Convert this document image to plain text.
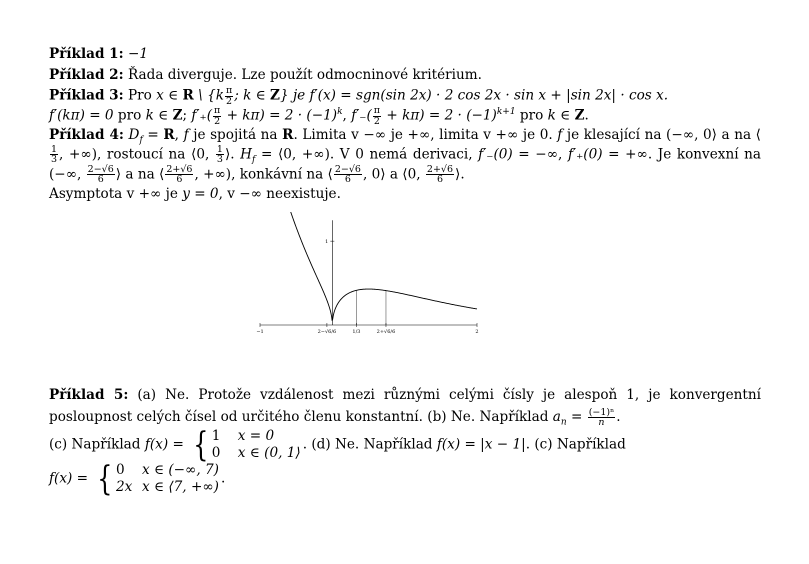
Příklad 1: −1
Příklad 2: Řada diverguje. Lze použít odmocninové kritérium.
Příklad 3: Pro x ∈ R \ {$k \frac{\pi}{2}$ ; k ∈ Z} je f′(x) = sgn(sin 2x) · 2 cos 2x · sin x + |sin 2x| · cos x.
f′(kπ) = 0 pro k ∈ Z; $f'_+( \frac{\pi}{2} + k\pi) = 2 \cdot (-1)^k$, $f'_-( \frac{\pi}{2} + k\pi) = 2 \cdot (-1)^{k+1}$ pro k ∈ Z.
Příklad 4: $D_f = R$, f je spojitá na R. Limita v −∞ je +∞, limita v +∞ je 0. f je klesající na (−∞, 0⟩ a na ⟨
$\frac{1}{3}$ , +∞), rostoucí na ⟨0, $\frac{1}{3}$ ⟩. $H_f$ = ⟨0, +∞). V 0 nemá derivaci, f′₋(0) = −∞, f′₊(0) = +∞. Je konvexní na (−∞, $\frac{2-√6}{6}$ ⟩ a na ⟨ $\frac{2+√6}{6}$ , +∞), konkávní na ⟨ $\frac{2-√6}{6}$ , 0⟩ a ⟨0, $\frac{2+√6}{6}$ ⟩.
Asymptota v +∞ je y = 0, v −∞ neexistuje.
−1	2−√6/6	1/3	2+√6/6	2
1
Příklad 5: (a) Ne. Protože vzdálenost mezi různými celými čísly je alespoň 1, je konvergentní posloupnost celých čísel od určitého členu konstantní. (b) Ne. Například $a_n = \frac{\text{(−1)ⁿ}}{n}$ .
(c) Například f(x) = { 1 x = 0
0 x ∈ (0, 1⟩
. (d) Ne. Například f(x) = |x − 1|. (c) Například
f(x) = { 0 x ∈ (−∞, 7)
2x x ∈ ⟨7, +∞)
.
